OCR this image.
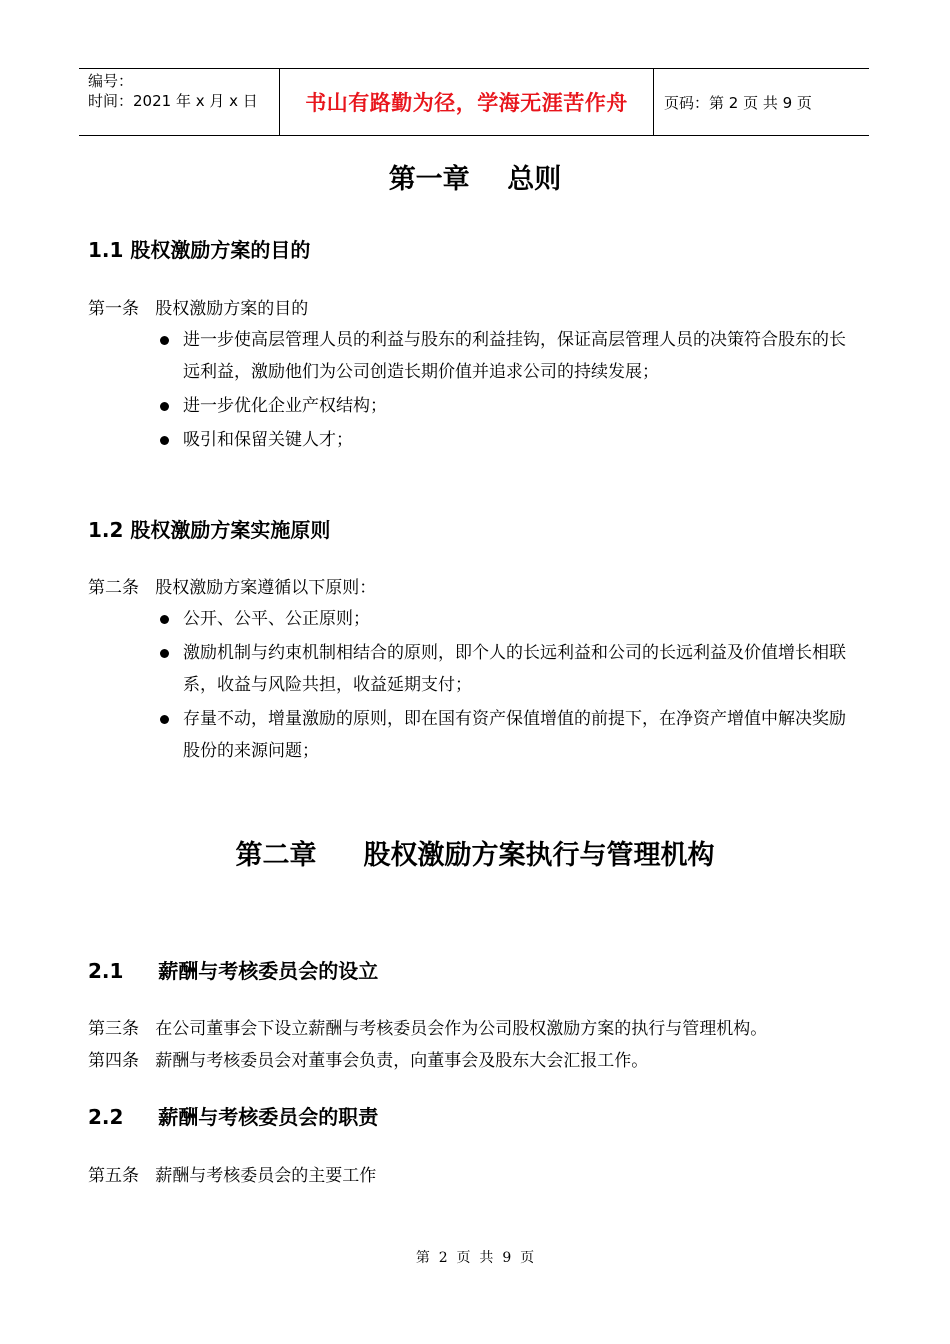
编号：
时间：2021 年 x 月 x 日	书山有路勤为径，学海无涯苦作舟 页码：第 2 页 共 9 页
第一章    总则
1.1 股权激励方案的目的
第一条   股权激励方案的目的
进一步使高层管理人员的利益与股东的利益挂钩，保证高层管理人员的决策符合股东的长远利益，激励他们为公司创造长期价值并追求公司的持续发展；
进一步优化企业产权结构；
吸引和保留关键人才；
1.2 股权激励方案实施原则
第二条   股权激励方案遵循以下原则：
公开、公平、公正原则；
激励机制与约束机制相结合的原则，即个人的长远利益和公司的长远利益及价值增长相联系，收益与风险共担，收益延期支付；
存量不动，增量激励的原则，即在国有资产保值增值的前提下，在净资产增值中解决奖励股份的来源问题；
第二章     股权激励方案执行与管理机构
2.1     薪酬与考核委员会的设立
第三条   在公司董事会下设立薪酬与考核委员会作为公司股权激励方案的执行与管理机构。
第四条   薪酬与考核委员会对董事会负责，向董事会及股东大会汇报工作。
2.2     薪酬与考核委员会的职责
第五条   薪酬与考核委员会的主要工作
第  2  页  共  9  页
